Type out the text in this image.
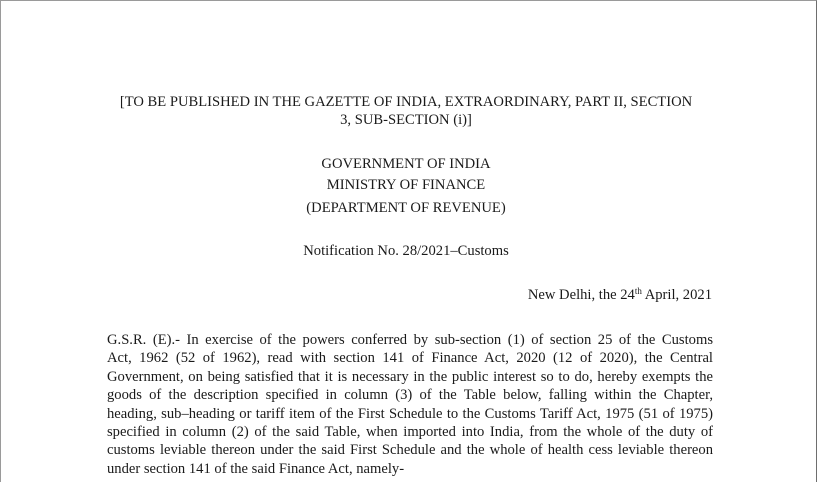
[TO BE PUBLISHED IN THE GAZETTE OF INDIA, EXTRAORDINARY, PART II, SECTION
3, SUB-SECTION (i)]
GOVERNMENT OF INDIA
MINISTRY OF FINANCE
(DEPARTMENT OF REVENUE)
Notification No. 28/2021–Customs
New Delhi, the 24th April, 2021
G.S.R. (E).- In exercise of the powers conferred by sub-section (1) of section 25 of the Customs
Act, 1962 (52 of 1962), read with section 141 of Finance Act, 2020 (12 of 2020), the Central
Government, on being satisfied that it is necessary in the public interest so to do, hereby exempts the
goods of the description specified in column (3) of the Table below, falling within the Chapter,
heading, sub–heading or tariff item of the First Schedule to the Customs Tariff Act, 1975 (51 of 1975)
specified in column (2) of the said Table, when imported into India, from the whole of the duty of
customs leviable thereon under the said First Schedule and the whole of health cess leviable thereon
under section 141 of the said Finance Act, namely-
